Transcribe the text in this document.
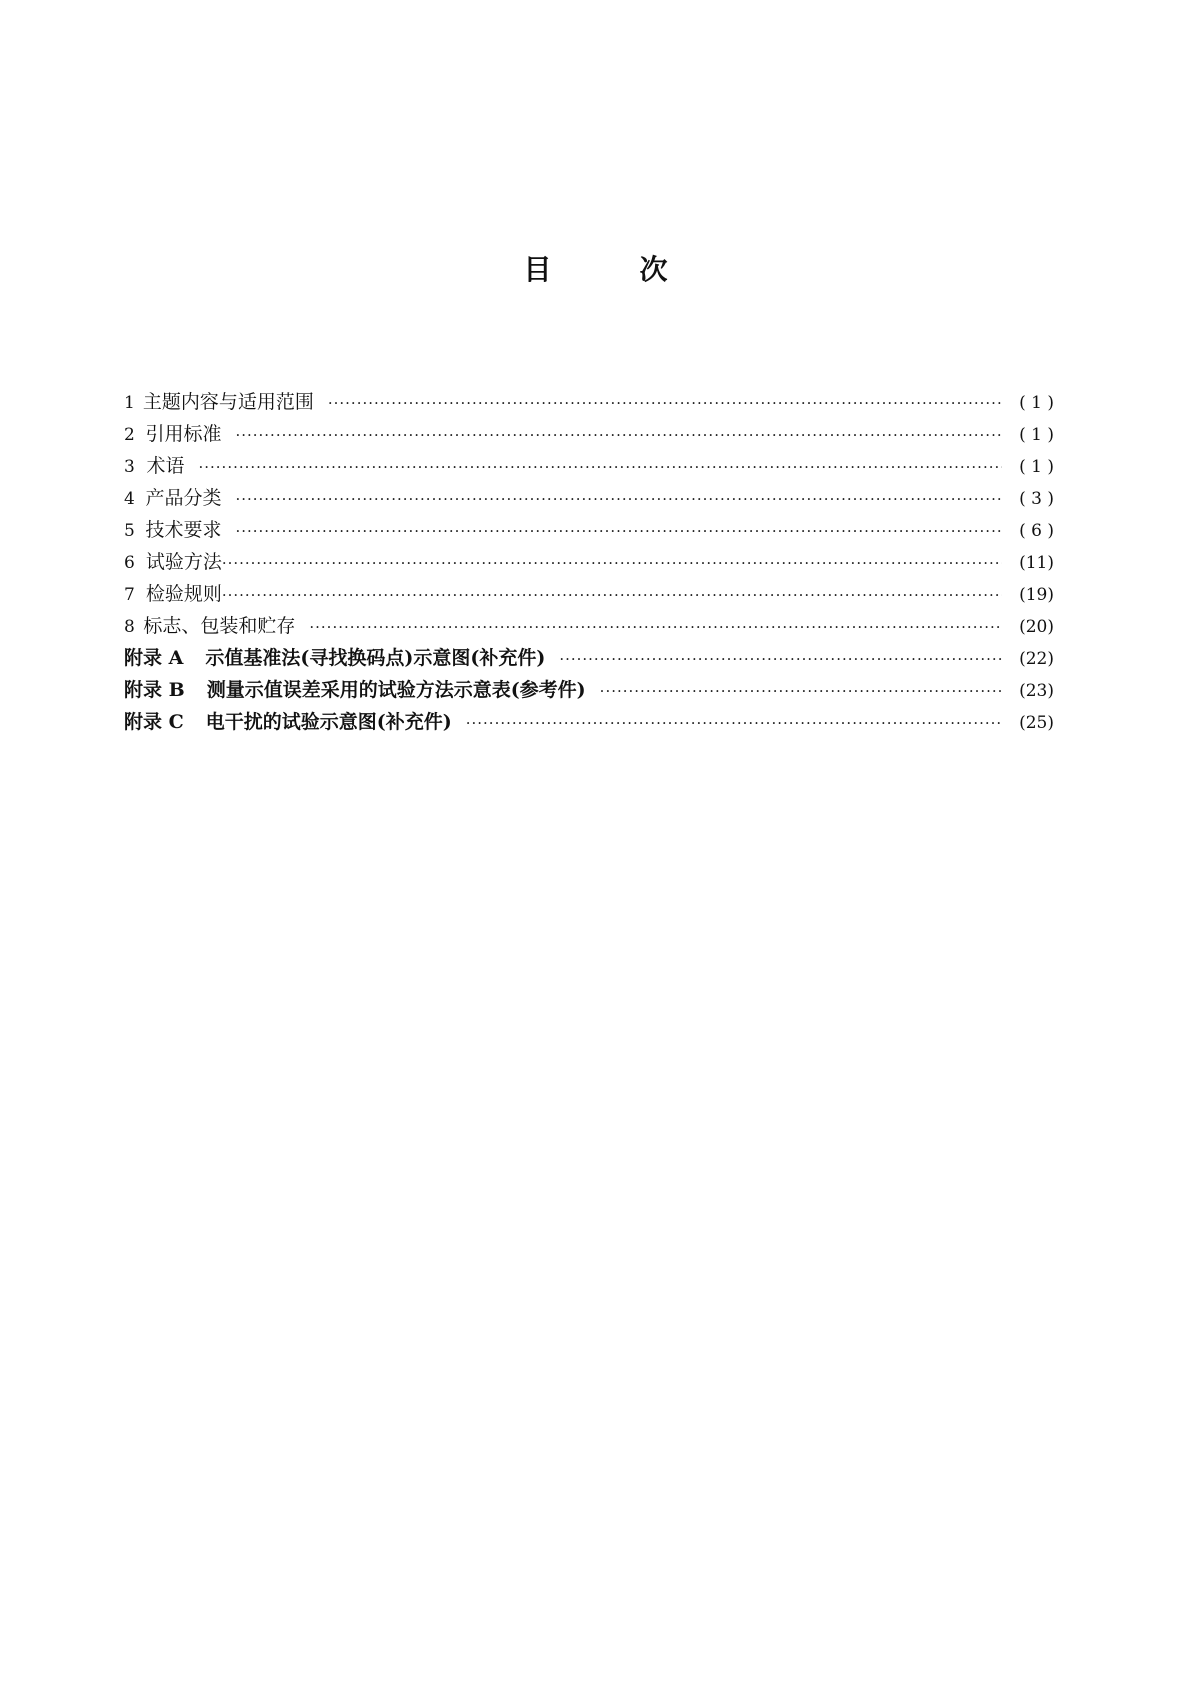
目	次
1 主题内容与适用范围 ·····	( 1 )
2 引用标准 ·····	( 1 )
3 术语 ·····	( 1 )
4 产品分类 ·····	( 3 )
5 技术要求 ·····	( 6 )
6 试验方法 ·····	(11)
7 检验规则 ·····	(19)
8 标志、包装和贮存 ·····	(20)
附录 A 示值基准法(寻找换码点)示意图(补充件) ·····	(22)
附录 B 测量示值误差采用的试验方法示意表(参考件) ·····	(23)
附录 C 电干扰的试验示意图(补充件) ·····	(25)
